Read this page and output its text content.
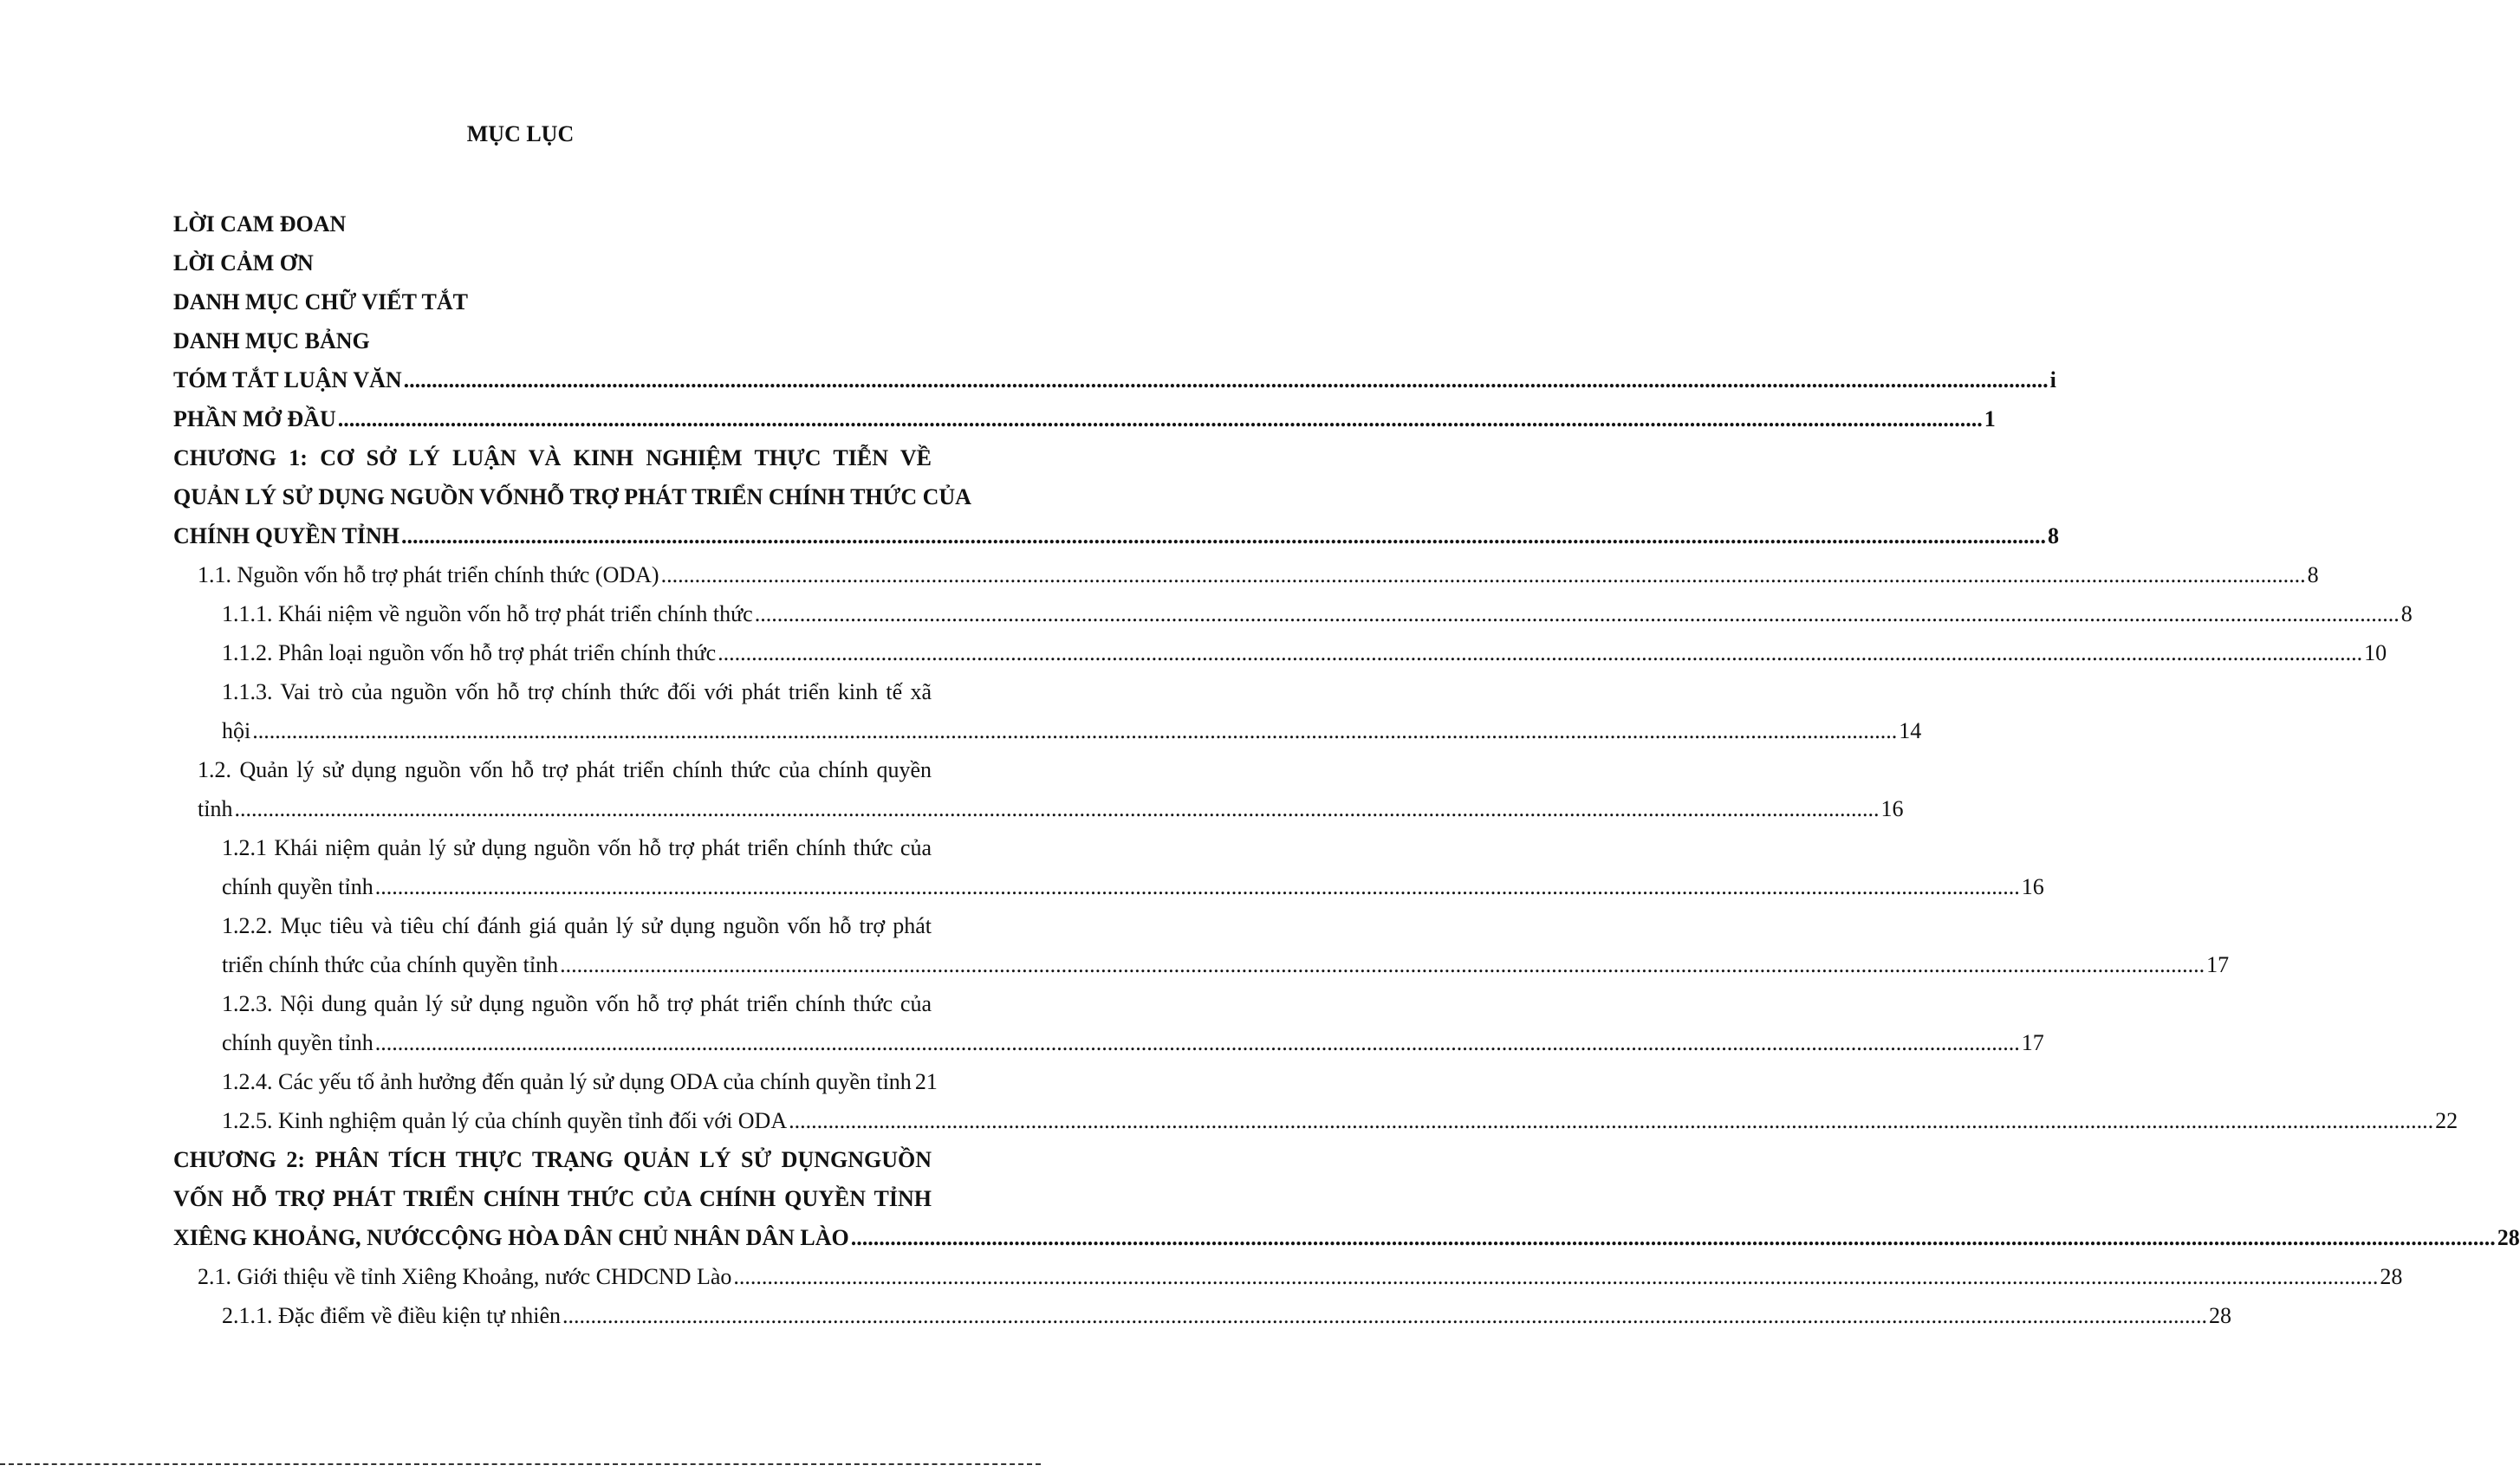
MỤC LỤC
LỜI CAM ĐOAN
LỜI CẢM ƠN
DANH MỤC CHỮ VIẾT TẮT
DANH MỤC BẢNG
TÓM TẮT LUẬN VĂN .....	i
PHẦN MỞ ĐẦU .....	1
CHƯƠNG 1: CƠ SỞ LÝ LUẬN VÀ KINH NGHIỆM THỰC TIỄN VỀ
QUẢN LÝ SỬ DỤNG NGUỒN VỐNHỖ TRỢ PHÁT TRIỂN CHÍNH THỨC CỦA
CHÍNH QUYỀN TỈNH .....	8
1.1. Nguồn vốn hỗ trợ phát triển chính thức (ODA) .....	8
1.1.1. Khái niệm về nguồn vốn hỗ trợ phát triển chính thức .....	8
1.1.2. Phân loại nguồn vốn hỗ trợ phát triển chính thức .....	10
1.1.3. Vai trò của nguồn vốn hỗ trợ chính thức đối với phát triển kinh tế xã
hội .....	14
1.2. Quản lý sử dụng nguồn vốn hỗ trợ phát triển chính thức của chính quyền
tỉnh .....	16
1.2.1 Khái niệm quản lý sử dụng nguồn vốn hỗ trợ phát triển chính thức của
chính quyền tỉnh .....	16
1.2.2. Mục tiêu và tiêu chí đánh giá quản lý sử dụng nguồn vốn hỗ trợ phát
triển chính thức của chính quyền tỉnh .....	17
1.2.3. Nội dung quản lý sử dụng nguồn vốn hỗ trợ phát triển chính thức của
chính quyền tỉnh .....	17
1.2.4. Các yếu tố ảnh hưởng đến quản lý sử dụng ODA của chính quyền tỉnh 21
1.2.5. Kinh nghiệm quản lý của chính quyền tỉnh đối với ODA .....	22
CHƯƠNG 2: PHÂN TÍCH THỰC TRẠNG QUẢN LÝ SỬ DỤNGNGUỒN
VỐN HỖ TRỢ PHÁT TRIỂN CHÍNH THỨC CỦA CHÍNH QUYỀN TỈNH
XIÊNG KHOẢNG, NƯỚCCỘNG HÒA DÂN CHỦ NHÂN DÂN LÀO .....	28
2.1. Giới thiệu về tỉnh Xiêng Khoảng, nước CHDCND Lào .....	28
2.1.1. Đặc điểm về điều kiện tự nhiên .....	28
